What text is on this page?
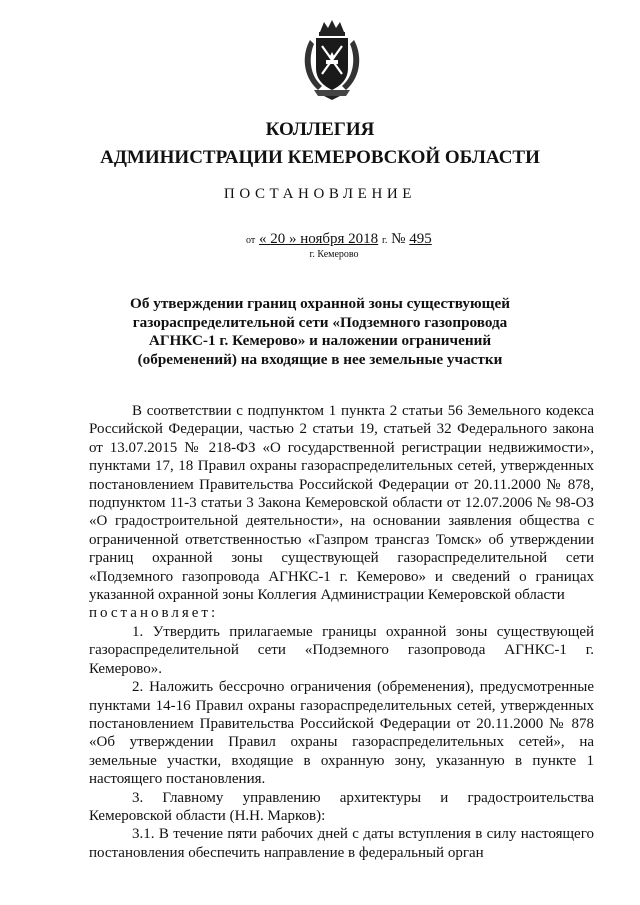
КОЛЛЕГИЯ
АДМИНИСТРАЦИИ КЕМЕРОВСКОЙ ОБЛАСТИ
ПОСТАНОВЛЕНИЕ
от « 20 » ноября 2018 г. № 495
г. Кемерово
Об утверждении границ охранной зоны существующей газораспределительной сети «Подземного газопровода АГНКС-1 г. Кемерово» и наложении ограничений (обременений) на входящие в нее земельные участки

В соответствии с подпунктом 1 пункта 2 статьи 56 Земельного кодекса Российской Федерации, частью 2 статьи 19, статьей 32 Федерального закона от 13.07.2015 № 218-ФЗ «О государственной регистрации недвижимости», пунктами 17, 18 Правил охраны газораспределительных сетей, утвержденных постановлением Правительства Российской Федерации от 20.11.2000 № 878, подпунктом 11-3 статьи 3 Закона Кемеровской области от 12.07.2006 № 98-ОЗ «О градостроительной деятельности», на основании заявления общества с ограниченной ответственностью «Газпром трансгаз Томск» об утверждении границ охранной зоны существующей газораспределительной сети «Подземного газопровода АГНКС-1 г. Кемерово» и сведений о границах указанной охранной зоны Коллегия Администрации Кемеровской области

постановляет:

1. Утвердить прилагаемые границы охранной зоны существующей газораспределительной сети «Подземного газопровода АГНКС-1 г. Кемерово».

2. Наложить бессрочно ограничения (обременения), предусмотренные пунктами 14-16 Правил охраны газораспределительных сетей, утвержденных постановлением Правительства Российской Федерации от 20.11.2000 № 878 «Об утверждении Правил охраны газораспределительных сетей», на земельные участки, входящие в охранную зону, указанную в пункте 1 настоящего постановления.

3. Главному управлению архитектуры и градостроительства Кемеровской области (Н.Н. Марков):

3.1. В течение пяти рабочих дней с даты вступления в силу настоящего постановления обеспечить направление в федеральный орган
